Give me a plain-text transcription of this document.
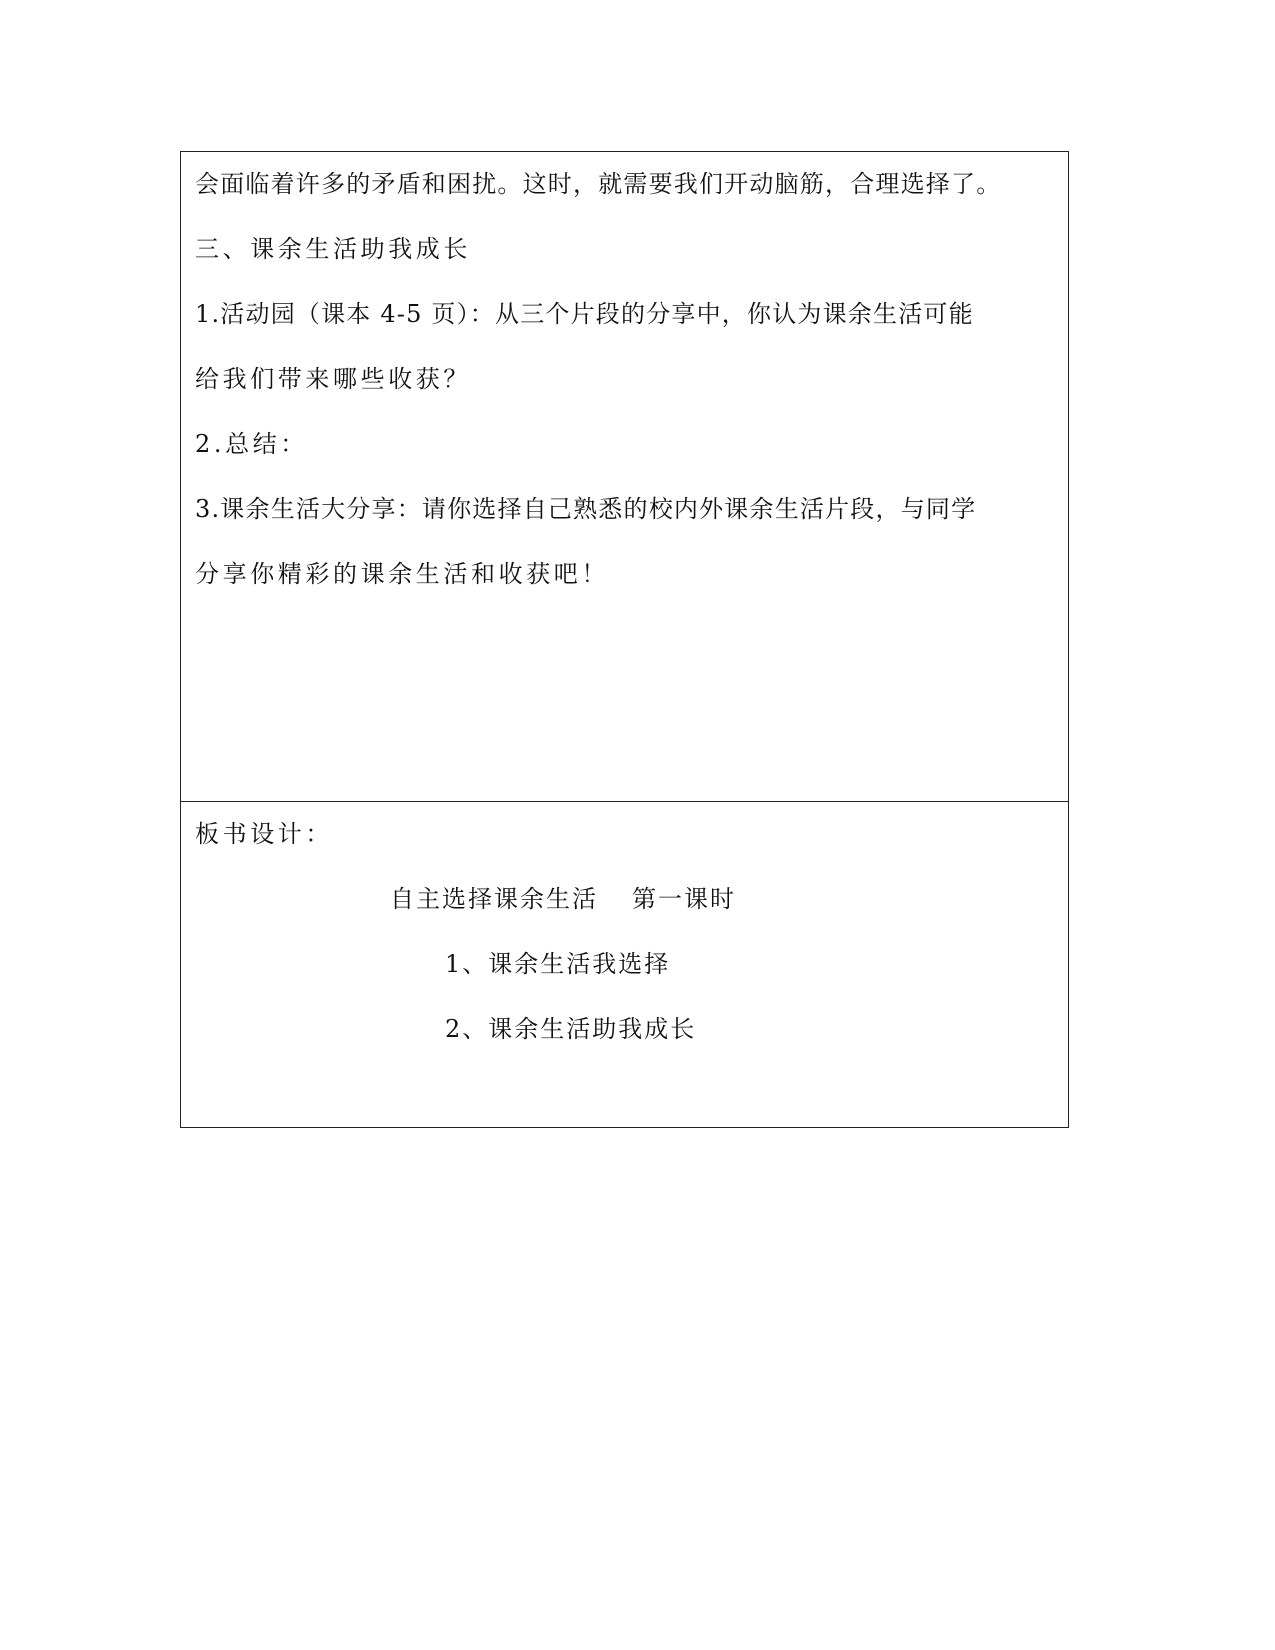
会面临着许多的矛盾和困扰。这时，就需要我们开动脑筋，合理选择了。
三、课余生活助我成长
1.活动园（课本 4-5 页）：从三个片段的分享中，你认为课余生活可能
给我们带来哪些收获？
2.总结：
3.课余生活大分享：请你选择自己熟悉的校内外课余生活片段，与同学
分享你精彩的课余生活和收获吧！

板书设计：
自主选择课余生活 第一课时
1、课余生活我选择
2、课余生活助我成长
